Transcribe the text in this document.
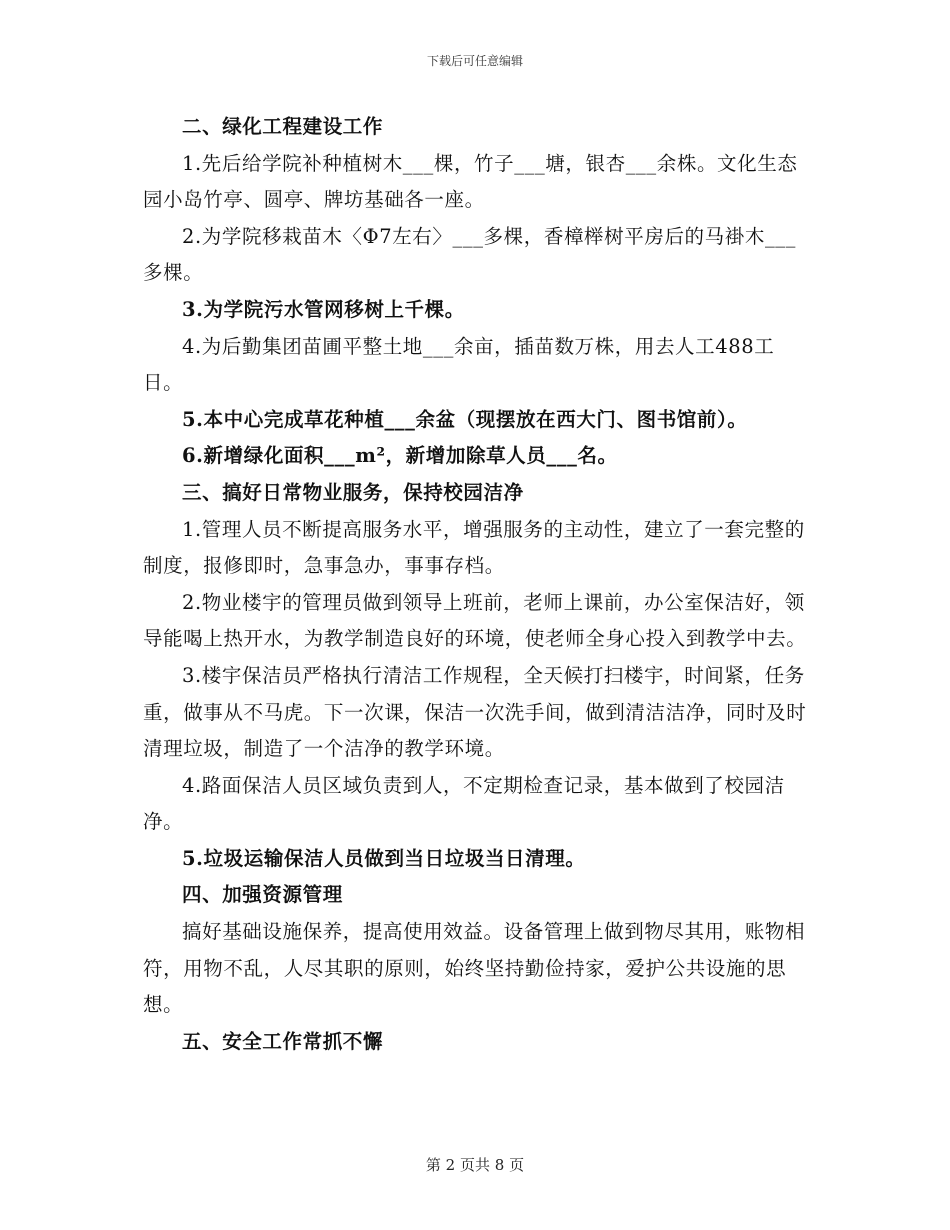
下载后可任意编辑

二、绿化工程建设工作

1.先后给学院补种植树木___棵，竹子___塘，银杏___余株。文化生态园小岛竹亭、圆亭、牌坊基础各一座。

2.为学院移栽苗木〈Φ7左右〉___多棵，香樟榉树平房后的马褂木___多棵。

3.为学院污水管网移树上千棵。

4.为后勤集团苗圃平整土地___余亩，插苗数万株，用去人工488工日。

5.本中心完成草花种植___余盆（现摆放在西大门、图书馆前）。

6.新增绿化面积___m²，新增加除草人员___名。

三、搞好日常物业服务，保持校园洁净

1.管理人员不断提高服务水平，增强服务的主动性，建立了一套完整的制度，报修即时，急事急办，事事存档。

2.物业楼宇的管理员做到领导上班前，老师上课前，办公室保洁好，领导能喝上热开水，为教学制造良好的环境，使老师全身心投入到教学中去。

3.楼宇保洁员严格执行清洁工作规程，全天候打扫楼宇，时间紧，任务重，做事从不马虎。下一次课，保洁一次洗手间，做到清洁洁净，同时及时清理垃圾，制造了一个洁净的教学环境。

4.路面保洁人员区域负责到人，不定期检查记录，基本做到了校园洁净。

5.垃圾运输保洁人员做到当日垃圾当日清理。

四、加强资源管理

搞好基础设施保养，提高使用效益。设备管理上做到物尽其用，账物相符，用物不乱，人尽其职的原则，始终坚持勤俭持家，爱护公共设施的思想。

五、安全工作常抓不懈

第 2 页共 8 页
